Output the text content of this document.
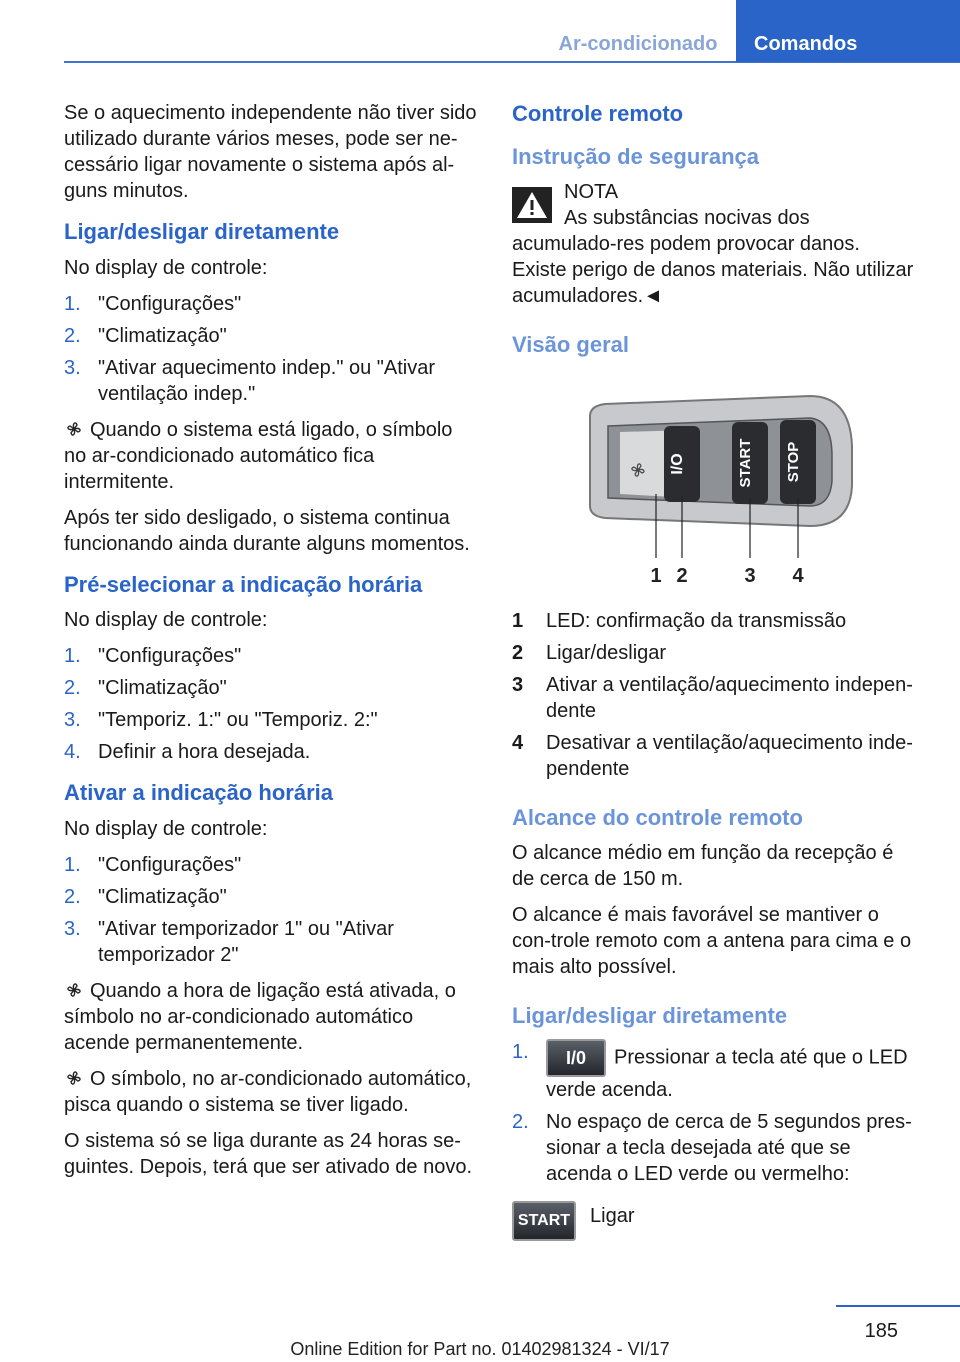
Ar-condicionado	Comandos

Se o aquecimento independente não tiver sido utilizado durante vários meses, pode ser ne-cessário ligar novamente o sistema após al-guns minutos.

Ligar/desligar diretamente

No display de controle:

1. "Configurações"
2. "Climatização"
3. "Ativar aquecimento indep." ou "Ativar ventilação indep."

Quando o sistema está ligado, o símbolo no ar-condicionado automático fica intermitente.

Após ter sido desligado, o sistema continua funcionando ainda durante alguns momentos.

Pré-selecionar a indicação horária

No display de controle:

1. "Configurações"
2. "Climatização"
3. "Temporiz. 1:" ou "Temporiz. 2:"
4. Definir a hora desejada.
Ativar a indicação horária

No display de controle:

1. "Configurações"
2. "Climatização"
3. "Ativar temporizador 1" ou "Ativar temporizador 2"

Quando a hora de ligação está ativada, o símbolo no ar-condicionado automático acende permanentemente.

O símbolo, no ar-condicionado automático, pisca quando o sistema se tiver ligado.

O sistema só se liga durante as 24 horas se-guintes. Depois, terá que ser ativado de novo.

Controle remoto
Instrução de segurança
NOTA
As substâncias nocivas dos acumulado-res podem provocar danos. Existe perigo de danos materiais. Não utilizar acumuladores.◄
Visão geral
I/O	START STOP
1 2	3 4
1 LED: confirmação da transmissão
2 Ligar/desligar
3 Ativar a ventilação/aquecimento indepen-dente
4 Desativar a ventilação/aquecimento inde-pendente
Alcance do controle remoto

O alcance médio em função da recepção é de cerca de 150 m.

O alcance é mais favorável se mantiver o con-trole remoto com a antena para cima e o mais alto possível.

Ligar/desligar diretamente
1. I/0 Pressionar a tecla até que o LED verde acenda.
2. No espaço de cerca de 5 segundos pres-sionar a tecla desejada até que se acenda o LED verde ou vermelho:
START Ligar
185
Online Edition for Part no. 01402981324 - VI/17
